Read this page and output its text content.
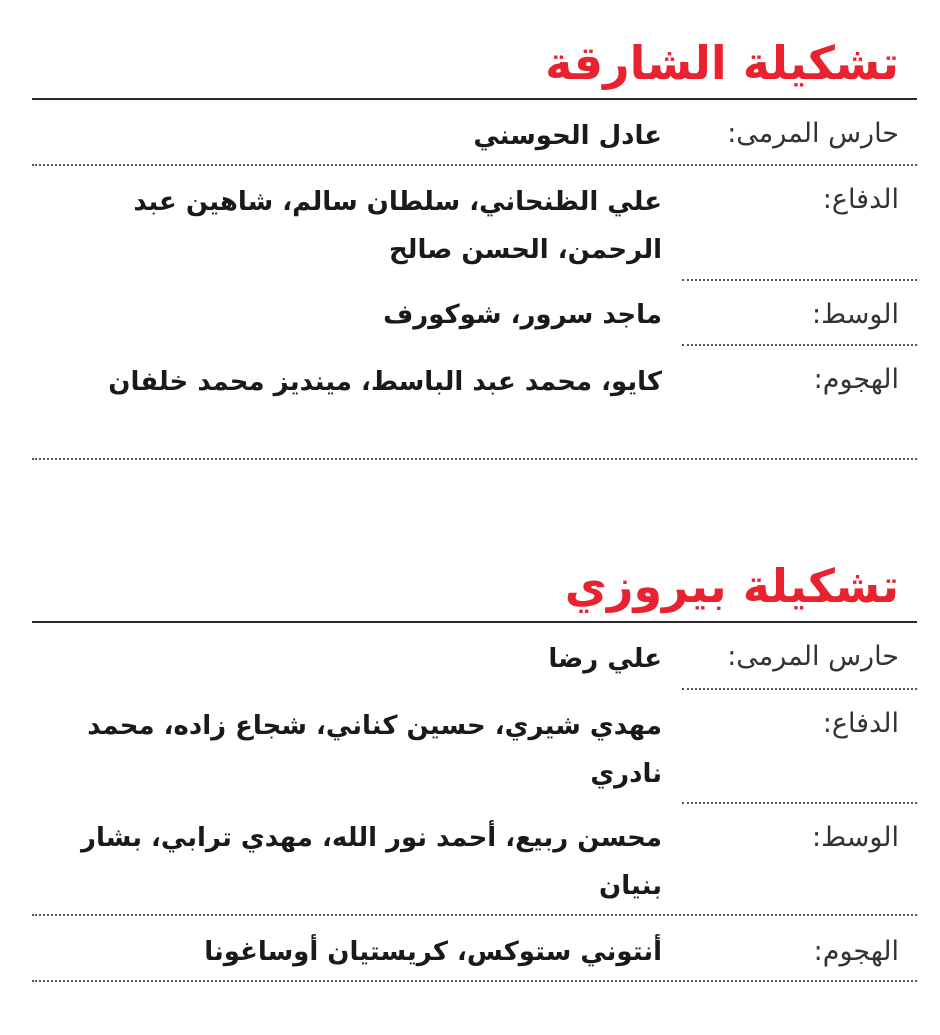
تشكيلة الشارقة
حارس المرمى:
عادل الحوسني
الدفاع:
علي الظنحاني، سلطان سالم، شاهين عبد الرحمن، الحسن صالح
الوسط:
ماجد سرور، شوكورف
الهجوم:
كايو، محمد عبد الباسط، مينديز محمد خلفان
تشكيلة بيروزي
حارس المرمى:
علي رضا
الدفاع:
مهدي شيري، حسين كناني، شجاع زاده، محمد نادري
الوسط:
محسن ربيع، أحمد نور الله، مهدي ترابي، بشار بنيان
الهجوم:
أنتوني ستوكس، كريستيان أوساغونا
